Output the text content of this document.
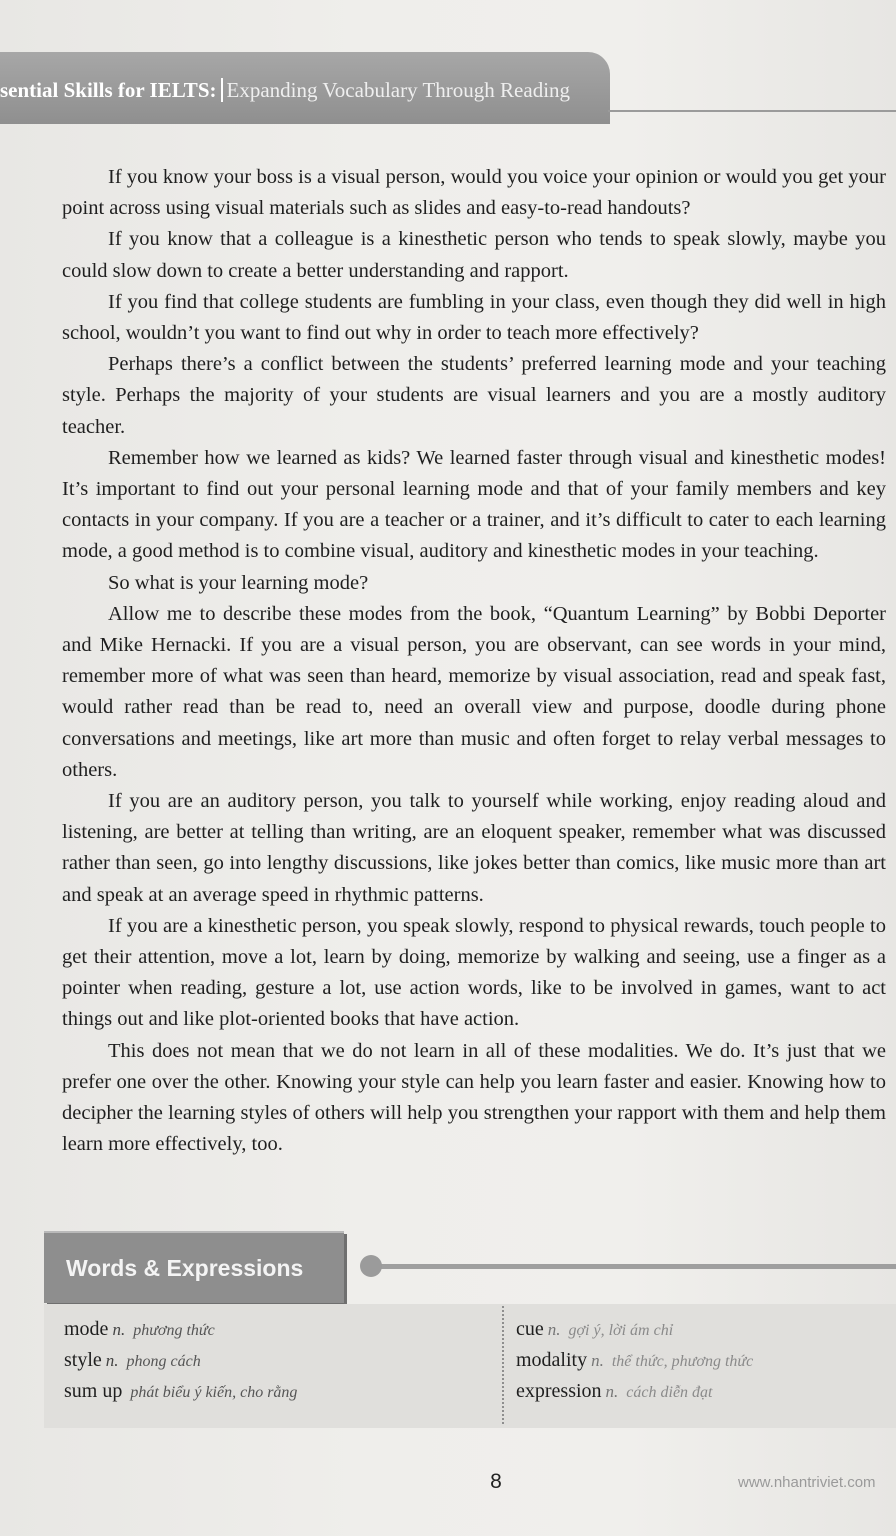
sential Skills for IELTS: Expanding Vocabulary Through Reading

If you know your boss is a visual person, would you voice your opinion or would you get your point across using visual materials such as slides and easy-to-read handouts?

If you know that a colleague is a kinesthetic person who tends to speak slowly, maybe you could slow down to create a better understanding and rapport.

If you find that college students are fumbling in your class, even though they did well in high school, wouldn’t you want to find out why in order to teach more effectively?

Perhaps there’s a conflict between the students’ preferred learning mode and your teaching style. Perhaps the majority of your students are visual learners and you are a mostly auditory teacher.

Remember how we learned as kids? We learned faster through visual and kinesthetic modes! It’s important to find out your personal learning mode and that of your family members and key contacts in your company. If you are a teacher or a trainer, and it’s difficult to cater to each learning mode, a good method is to combine visual, auditory and kinesthetic modes in your teaching.

So what is your learning mode?

Allow me to describe these modes from the book, “Quantum Learning” by Bobbi Deporter and Mike Hernacki. If you are a visual person, you are observant, can see words in your mind, remember more of what was seen than heard, memorize by visual association, read and speak fast, would rather read than be read to, need an overall view and purpose, doodle during phone conversations and meetings, like art more than music and often forget to relay verbal messages to others.

If you are an auditory person, you talk to yourself while working, enjoy reading aloud and listening, are better at telling than writing, are an eloquent speaker, remember what was discussed rather than seen, go into lengthy discussions, like jokes better than comics, like music more than art and speak at an average speed in rhythmic patterns.

If you are a kinesthetic person, you speak slowly, respond to physical rewards, touch people to get their attention, move a lot, learn by doing, memorize by walking and seeing, use a finger as a pointer when reading, gesture a lot, use action words, like to be involved in games, want to act things out and like plot-oriented books that have action.

This does not mean that we do not learn in all of these modalities. We do. It’s just that we prefer one over the other. Knowing your style can help you learn faster and easier. Knowing how to decipher the learning styles of others will help you strengthen your rapport with them and help them learn more effectively, too.

Words & Expressions
mode n. phương thức
style n. phong cách
sum up phát biểu ý kiến, cho rằng
cue n. gợi ý, lời ám chỉ
modality n. thể thức, phương thức
expression n. cách diễn đạt
8	www.nhantriviet.com
